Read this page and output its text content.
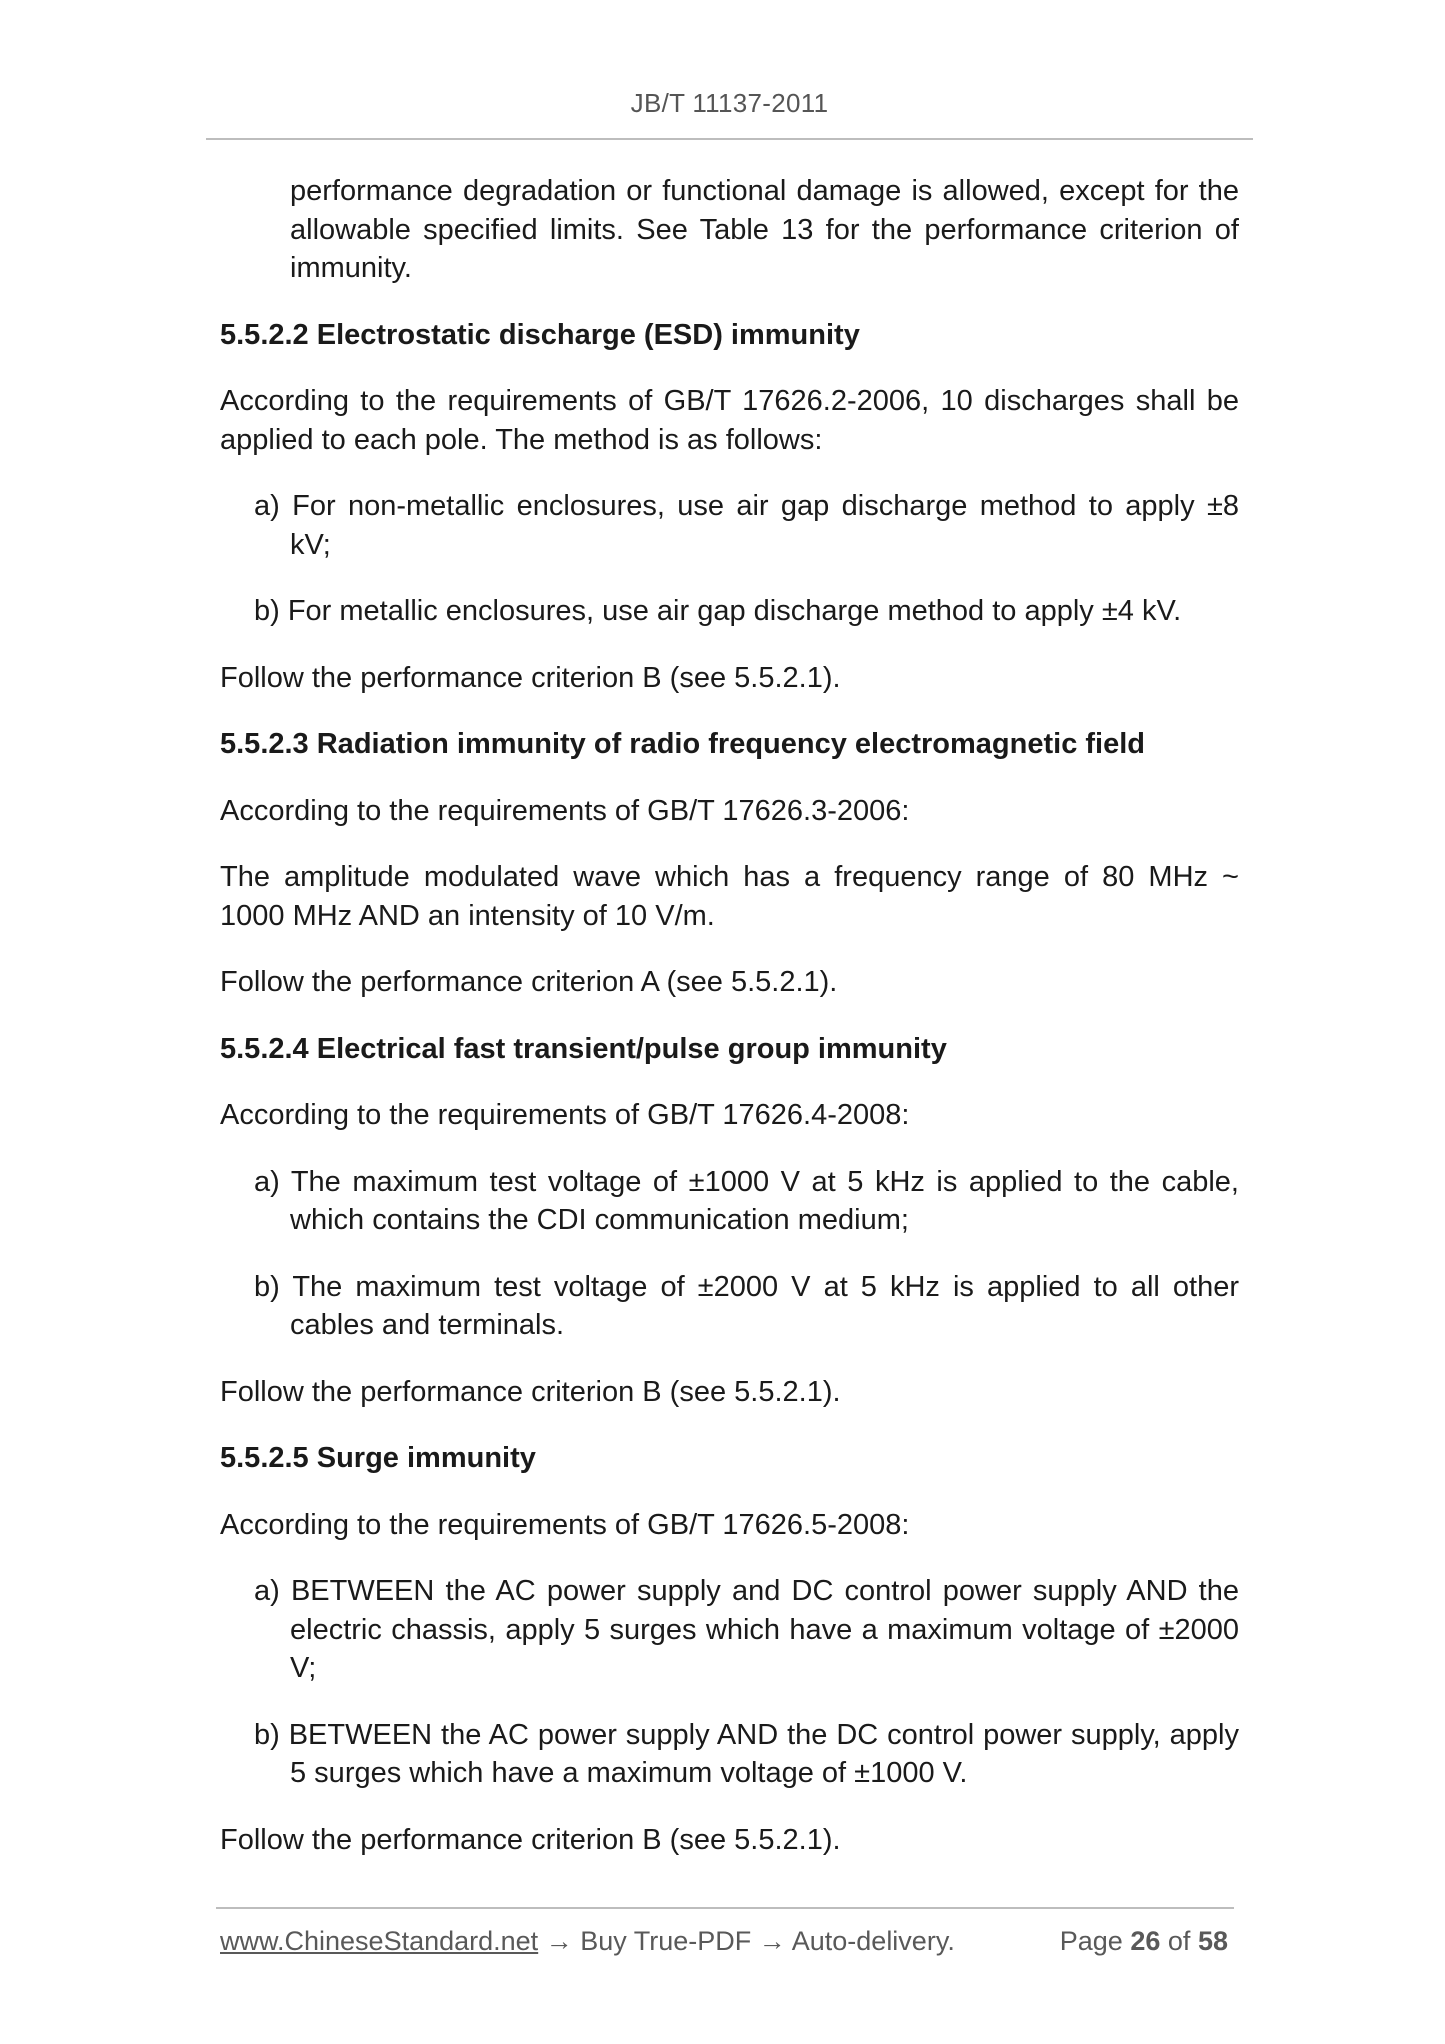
JB/T 11137-2011

performance degradation or functional damage is allowed, except for the allowable specified limits. See Table 13 for the performance criterion of immunity.

5.5.2.2 Electrostatic discharge (ESD) immunity

According to the requirements of GB/T 17626.2-2006, 10 discharges shall be applied to each pole. The method is as follows:

a) For non-metallic enclosures, use air gap discharge method to apply ±8 kV;

b) For metallic enclosures, use air gap discharge method to apply ±4 kV.

Follow the performance criterion B (see 5.5.2.1).

5.5.2.3 Radiation immunity of radio frequency electromagnetic field

According to the requirements of GB/T 17626.3-2006:

The amplitude modulated wave which has a frequency range of 80 MHz ~ 1000 MHz AND an intensity of 10 V/m.

Follow the performance criterion A (see 5.5.2.1).

5.5.2.4 Electrical fast transient/pulse group immunity

According to the requirements of GB/T 17626.4-2008:

a) The maximum test voltage of ±1000 V at 5 kHz is applied to the cable, which contains the CDI communication medium;

b) The maximum test voltage of ±2000 V at 5 kHz is applied to all other cables and terminals.

Follow the performance criterion B (see 5.5.2.1).

5.5.2.5 Surge immunity

According to the requirements of GB/T 17626.5-2008:

a) BETWEEN the AC power supply and DC control power supply AND the electric chassis, apply 5 surges which have a maximum voltage of ±2000 V;

b) BETWEEN the AC power supply AND the DC control power supply, apply 5 surges which have a maximum voltage of ±1000 V.

Follow the performance criterion B (see 5.5.2.1).

www.ChineseStandard.net → Buy True-PDF → Auto-delivery.	Page 26 of 58
